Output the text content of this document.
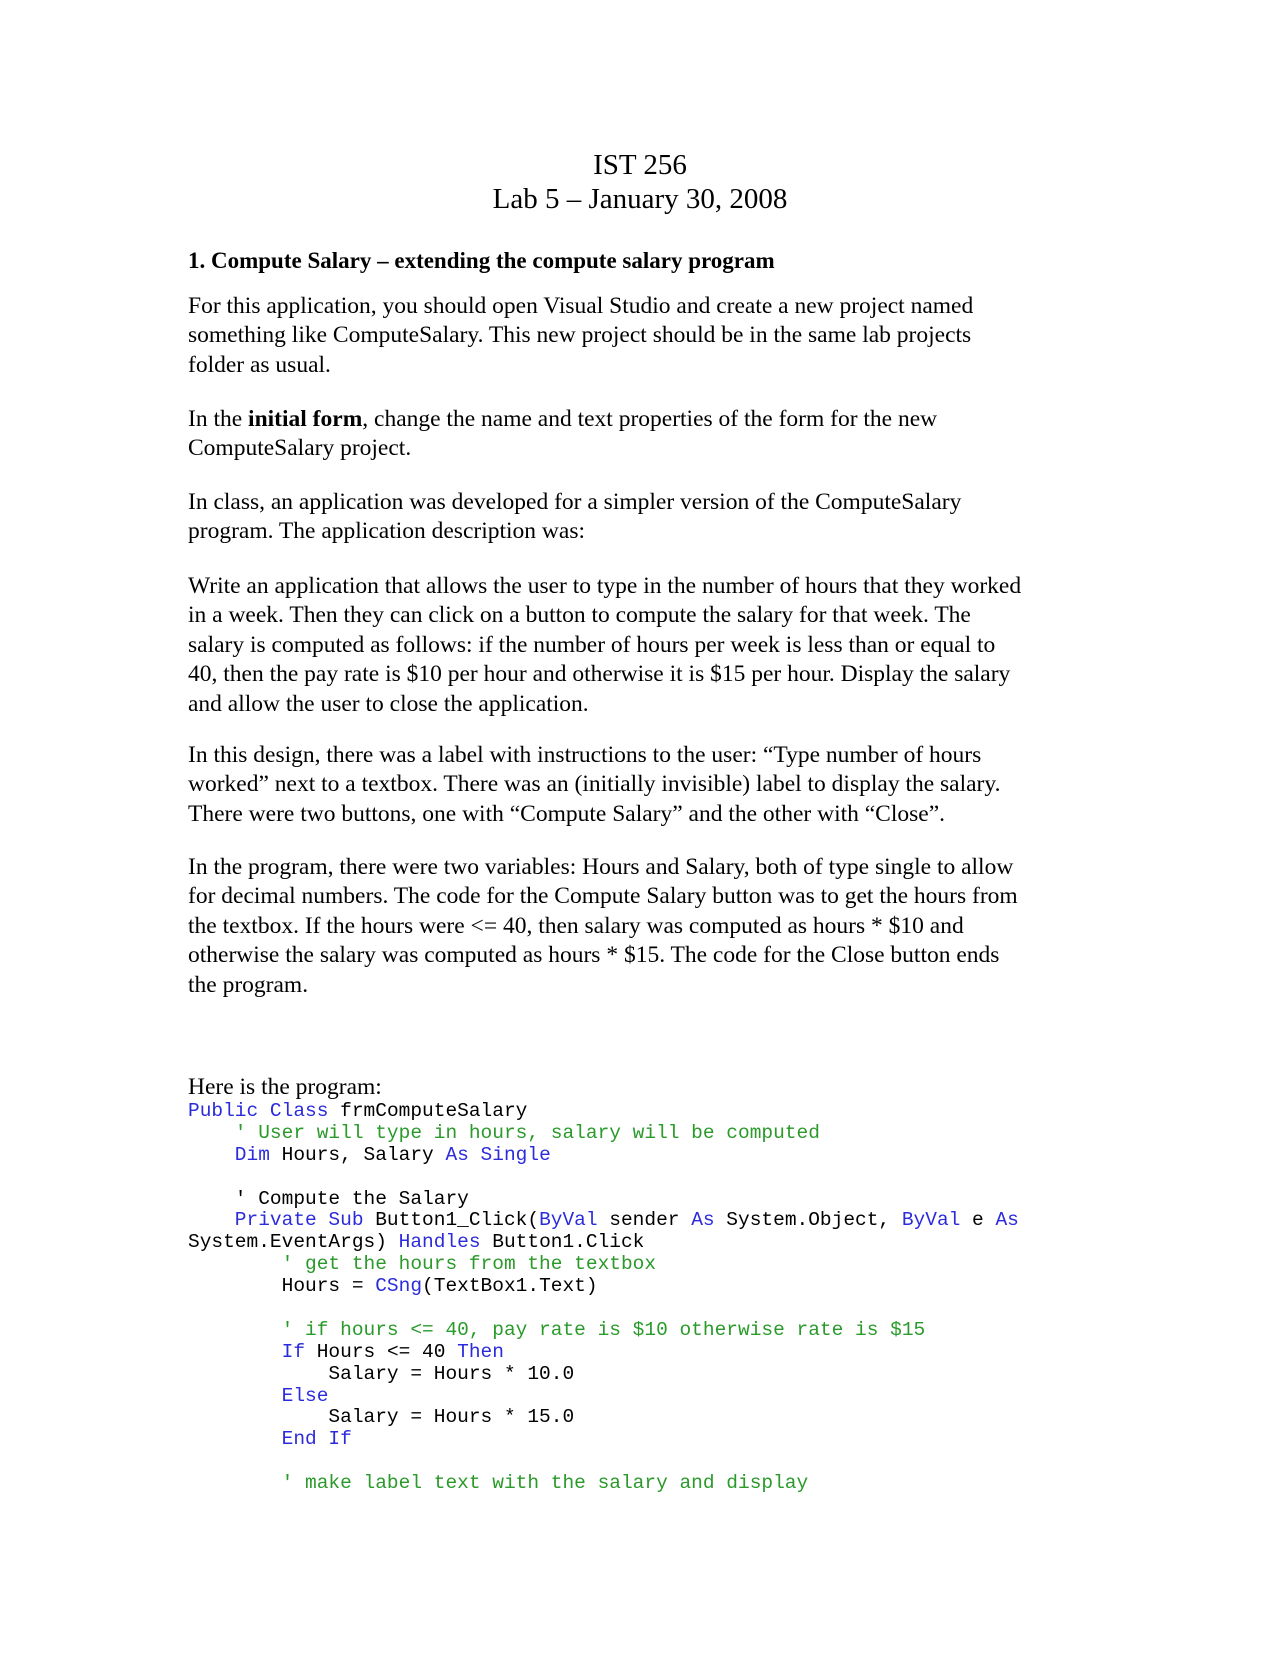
IST 256
Lab 5 – January 30, 2008
1. Compute Salary – extending the compute salary program
For this application, you should open Visual Studio and create a new project named
something like ComputeSalary. This new project should be in the same lab projects
folder as usual.
In the initial form, change the name and text properties of the form for the new
ComputeSalary project.
In class, an application was developed for a simpler version of the ComputeSalary
program. The application description was:
Write an application that allows the user to type in the number of hours that they worked
in a week. Then they can click on a button to compute the salary for that week. The
salary is computed as follows: if the number of hours per week is less than or equal to
40, then the pay rate is $10 per hour and otherwise it is $15 per hour. Display the salary
and allow the user to close the application.
In this design, there was a label with instructions to the user: “Type number of hours
worked” next to a textbox. There was an (initially invisible) label to display the salary.
There were two buttons, one with “Compute Salary” and the other with “Close”.
In the program, there were two variables: Hours and Salary, both of type single to allow
for decimal numbers. The code for the Compute Salary button was to get the hours from
the textbox. If the hours were <= 40, then salary was computed as hours * $10 and
otherwise the salary was computed as hours * $15. The code for the Close button ends
the program.
Here is the program:
Public Class frmComputeSalary
' User will type in hours, salary will be computed
Dim Hours, Salary As Single
' Compute the Salary
Private Sub Button1_Click(ByVal sender As System.Object, ByVal e As
System.EventArgs) Handles Button1.Click
' get the hours from the textbox
Hours = CSng(TextBox1.Text)
' if hours <= 40, pay rate is $10 otherwise rate is $15
If Hours <= 40 Then
Salary = Hours * 10.0
Else
Salary = Hours * 15.0
End If
' make label text with the salary and display
